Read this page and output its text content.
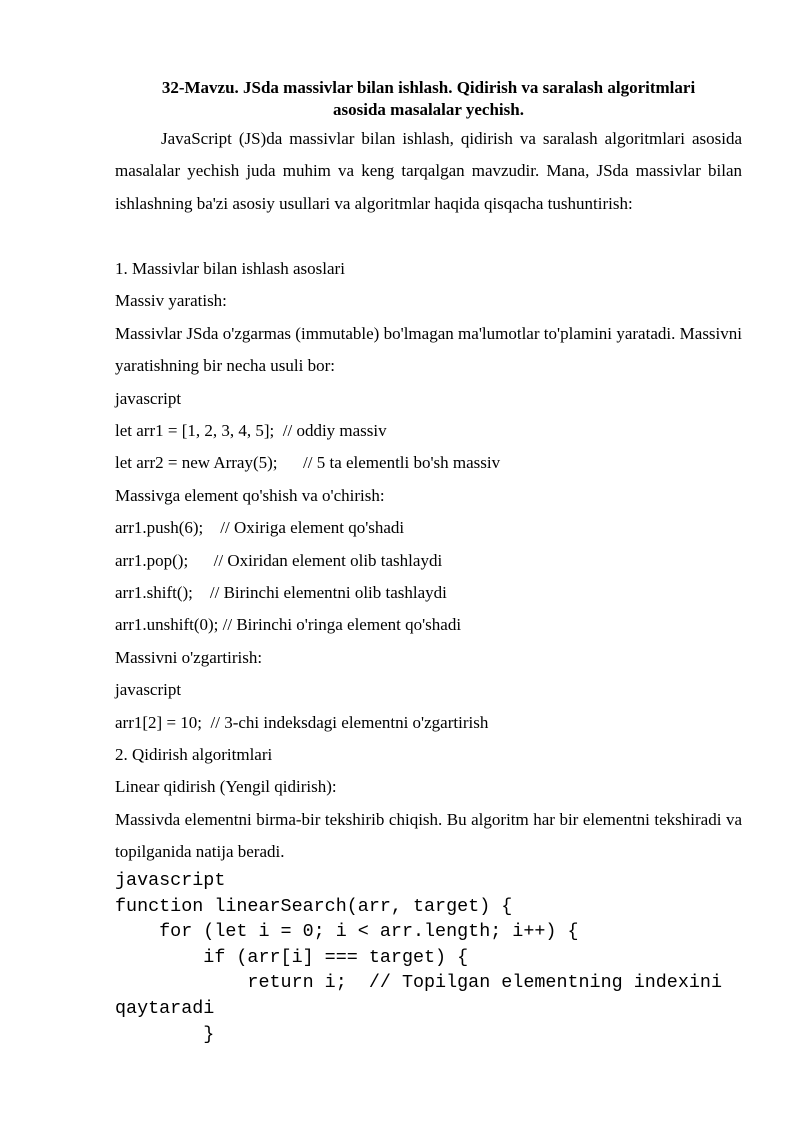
32-Mavzu. JSda massivlar bilan ishlash. Qidirish va saralash algoritmlari
asosida masalalar yechish.

JavaScript (JS)da massivlar bilan ishlash, qidirish va saralash algoritmlari asosida masalalar yechish juda muhim va keng tarqalgan mavzudir. Mana, JSda massivlar bilan ishlashning ba'zi asosiy usullari va algoritmlar haqida qisqacha tushuntirish:

1. Massivlar bilan ishlash asoslari
Massiv yaratish:

Massivlar JSda o'zgarmas (immutable) bo'lmagan ma'lumotlar to'plamini yaratadi. Massivni yaratishning bir necha usuli bor:

javascript
let arr1 = [1, 2, 3, 4, 5];  // oddiy massiv
let arr2 = new Array(5);      // 5 ta elementli bo'sh massiv
Massivga element qo'shish va o'chirish:
arr1.push(6);    // Oxiriga element qo'shadi
arr1.pop();      // Oxiridan element olib tashlaydi
arr1.shift();    // Birinchi elementni olib tashlaydi
arr1.unshift(0); // Birinchi o'ringa element qo'shadi
Massivni o'zgartirish:
javascript
arr1[2] = 10;  // 3-chi indeksdagi elementni o'zgartirish
2. Qidirish algoritmlari
Linear qidirish (Yengil qidirish):

Massivda elementni birma-bir tekshirib chiqish. Bu algoritm har bir elementni tekshiradi va topilganida natija beradi.

javascript
function linearSearch(arr, target) {
for (let i = 0; i < arr.length; i++) {
if (arr[i] === target) {
return i;  // Topilgan elementning indexini
qaytaradi
}
